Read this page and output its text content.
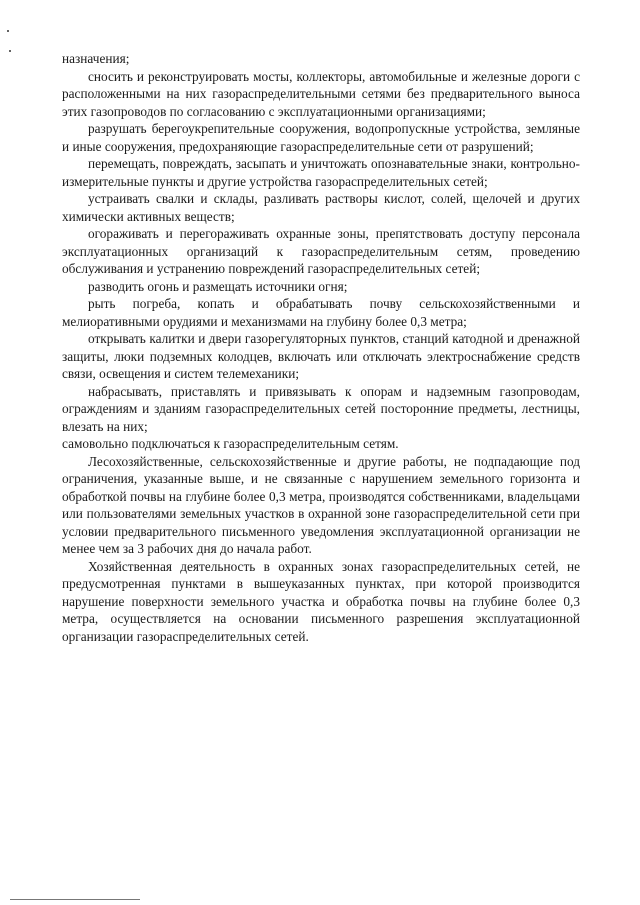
назначения;

сносить и реконструировать мосты, коллекторы, автомобильные и железные дороги с расположенными на них газораспределительными сетями без предварительного выноса этих газопроводов по согласованию с эксплуатационными организациями;

разрушать берегоукрепительные сооружения, водопропускные устройства, земляные и иные сооружения, предохраняющие газораспределительные сети от разрушений;

перемещать, повреждать, засыпать и уничтожать опознавательные знаки, контрольно-измерительные пункты и другие устройства газораспределительных сетей;

устраивать свалки и склады, разливать растворы кислот, солей, щелочей и других химически активных веществ;

огораживать и перегораживать охранные зоны, препятствовать доступу персонала эксплуатационных организаций к газораспределительным сетям, проведению обслуживания и устранению повреждений газораспределительных сетей;

разводить огонь и размещать источники огня;

рыть погреба, копать и обрабатывать почву сельскохозяйственными и мелиоративными орудиями и механизмами на глубину более 0,3 метра;

открывать калитки и двери газорегуляторных пунктов, станций катодной и дренажной защиты, люки подземных колодцев, включать или отключать электроснабжение средств связи, освещения и систем телемеханики;

набрасывать, приставлять и привязывать к опорам и надземным газопроводам, ограждениям и зданиям газораспределительных сетей посторонние предметы, лестницы, влезать на них;

самовольно подключаться к газораспределительным сетям.

Лесохозяйственные, сельскохозяйственные и другие работы, не подпадающие под ограничения, указанные выше, и не связанные с нарушением земельного горизонта и обработкой почвы на глубине более 0,3 метра, производятся собственниками, владельцами или пользователями земельных участков в охранной зоне газораспределительной сети при условии предварительного письменного уведомления эксплуатационной организации не менее чем за 3 рабочих дня до начала работ.

Хозяйственная деятельность в охранных зонах газораспределительных сетей, не предусмотренная пунктами в вышеуказанных пунктах, при которой производится нарушение поверхности земельного участка и обработка почвы на глубине более 0,3 метра, осуществляется на основании письменного разрешения эксплуатационной организации газораспределительных сетей.
